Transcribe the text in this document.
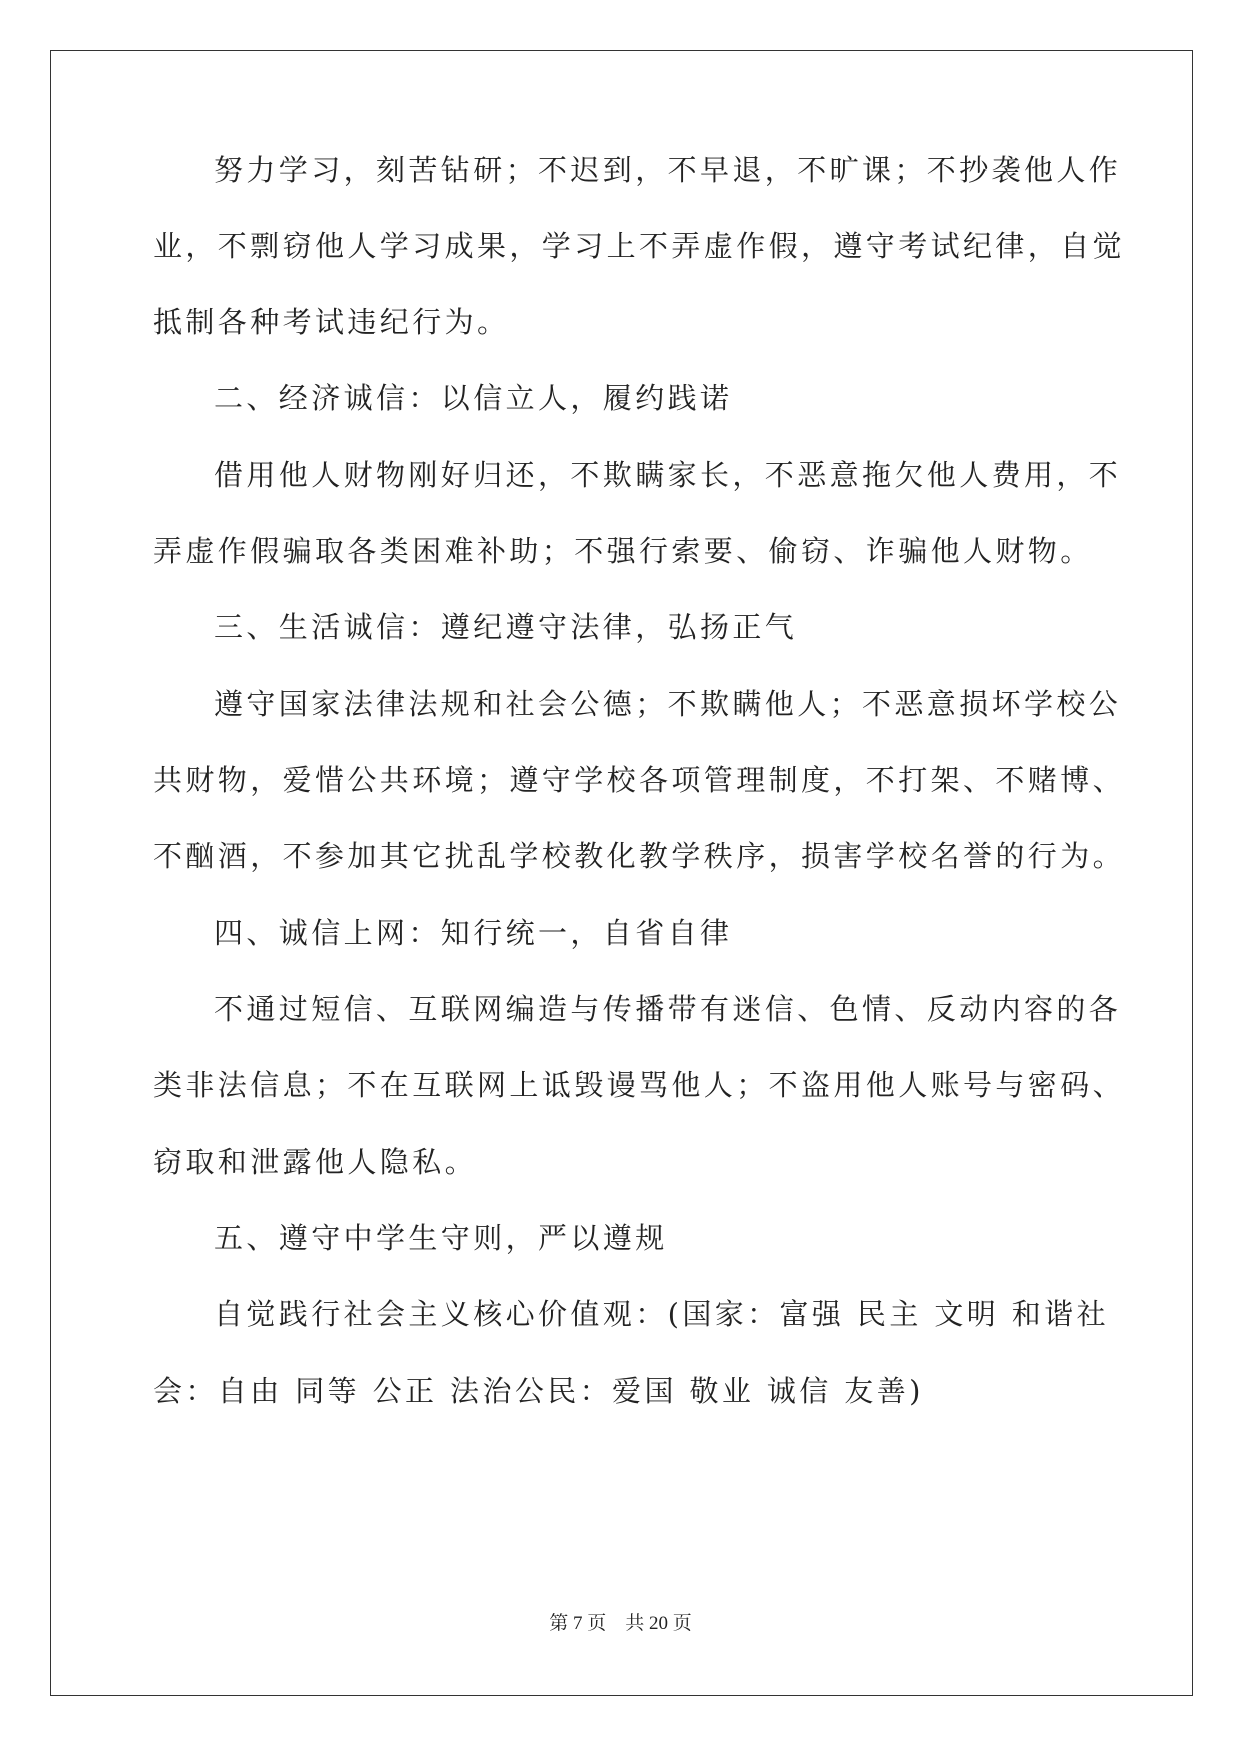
努力学习，刻苦钻研；不迟到，不早退，不旷课；不抄袭他人作
业，不剽窃他人学习成果，学习上不弄虚作假，遵守考试纪律，自觉
抵制各种考试违纪行为。
二、经济诚信：以信立人，履约践诺
借用他人财物刚好归还，不欺瞒家长，不恶意拖欠他人费用，不
弄虚作假骗取各类困难补助；不强行索要、偷窃、诈骗他人财物。
三、生活诚信：遵纪遵守法律，弘扬正气
遵守国家法律法规和社会公德；不欺瞒他人；不恶意损坏学校公
共财物，爱惜公共环境；遵守学校各项管理制度，不打架、不赌博、
不酗酒，不参加其它扰乱学校教化教学秩序，损害学校名誉的行为。
四、诚信上网：知行统一，自省自律
不通过短信、互联网编造与传播带有迷信、色情、反动内容的各
类非法信息；不在互联网上诋毁谩骂他人；不盗用他人账号与密码、
窃取和泄露他人隐私。
五、遵守中学生守则，严以遵规
自觉践行社会主义核心价值观：(国家：富强 民主 文明 和谐社
会：自由 同等 公正 法治公民：爱国 敬业 诚信 友善)
第 7 页    共 20 页
